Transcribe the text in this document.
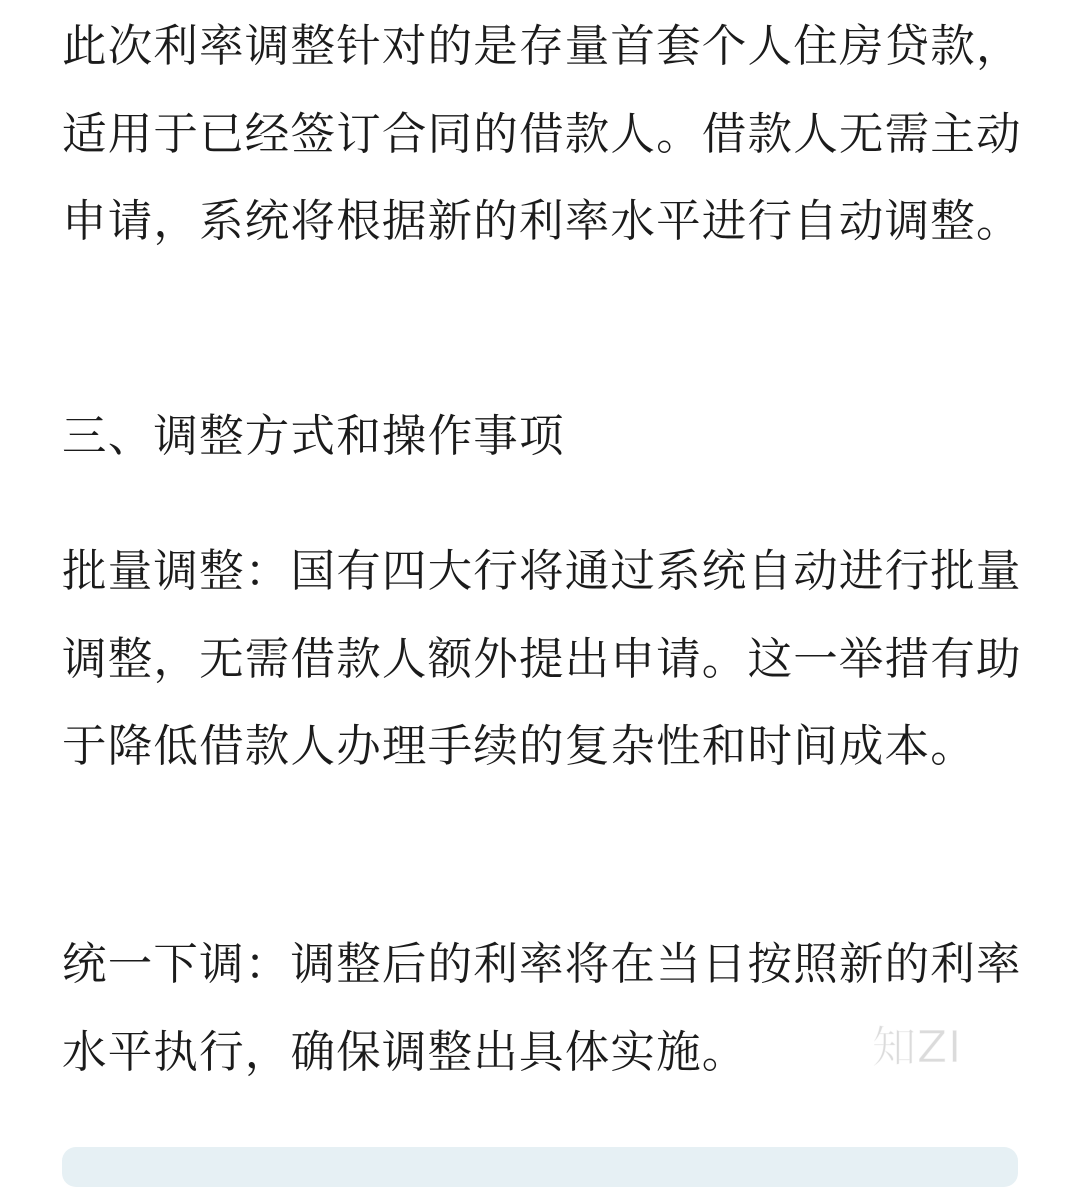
此次利率调整针对的是存量首套个人住房贷款，适用于已经签订合同的借款人。借款人无需主动申请，系统将根据新的利率水平进行自动调整。

三、调整方式和操作事项

批量调整：国有四大行将通过系统自动进行批量调整，无需借款人额外提出申请。这一举措有助于降低借款人办理手续的复杂性和时间成本。

统一下调：调整后的利率将在当日按照新的利率水平执行，确保调整出具体实施。	知ZI
